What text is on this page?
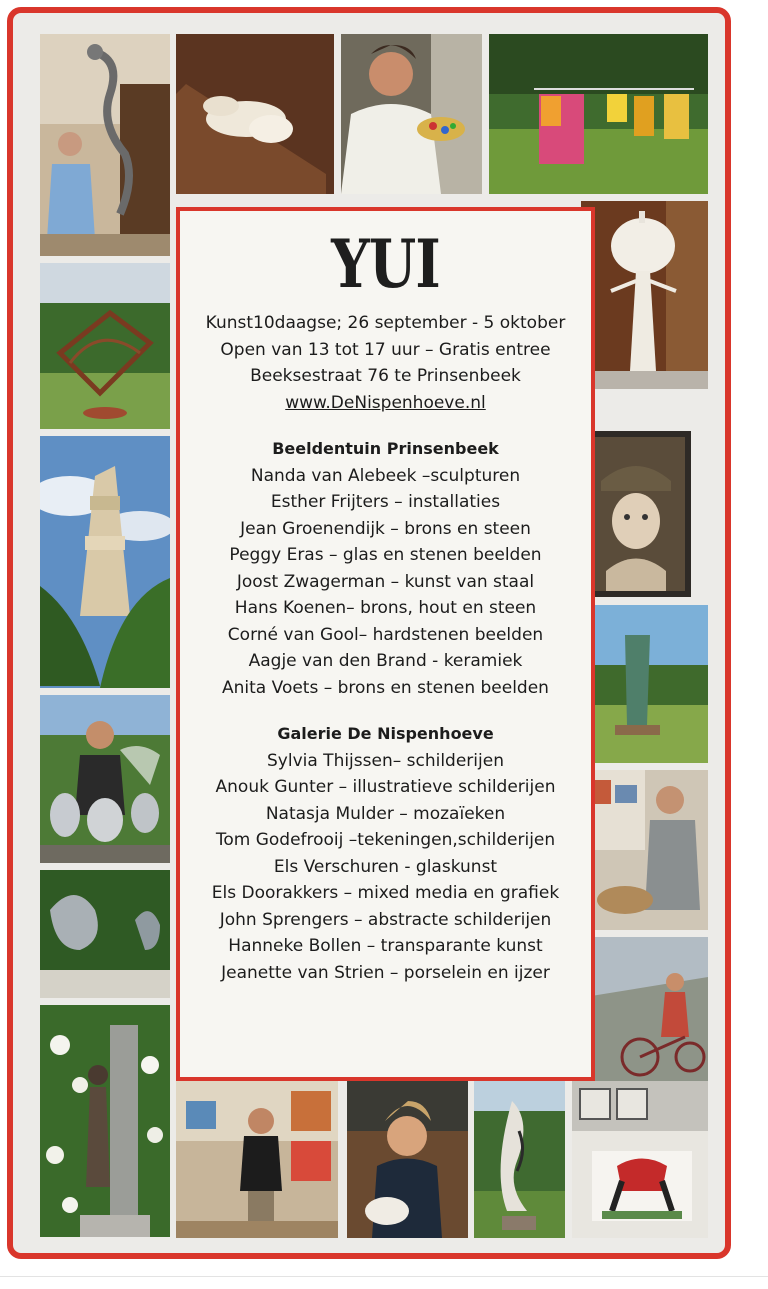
YUI
Kunst10daagse; 26 september - 5 oktober
Open van 13 tot 17 uur – Gratis entree
Beeksestraat 76 te Prinsenbeek
www.DeNispenhoeve.nl
Beeldentuin Prinsenbeek
Nanda van Alebeek –sculpturen
Esther Frijters – installaties
Jean Groenendijk – brons en steen
Peggy Eras – glas en stenen beelden
Joost Zwagerman – kunst van staal
Hans Koenen– brons, hout en steen
Corné van Gool– hardstenen beelden
Aagje van den Brand - keramiek
Anita Voets – brons en stenen beelden
Galerie De Nispenhoeve
Sylvia Thijssen– schilderijen
Anouk Gunter – illustratieve schilderijen
Natasja Mulder – mozaïeken
Tom Godefrooij –tekeningen,schilderijen
Els Verschuren - glaskunst
Els Doorakkers – mixed media en grafiek
John Sprengers – abstracte schilderijen
Hanneke Bollen – transparante kunst
Jeanette van Strien – porselein en ijzer
